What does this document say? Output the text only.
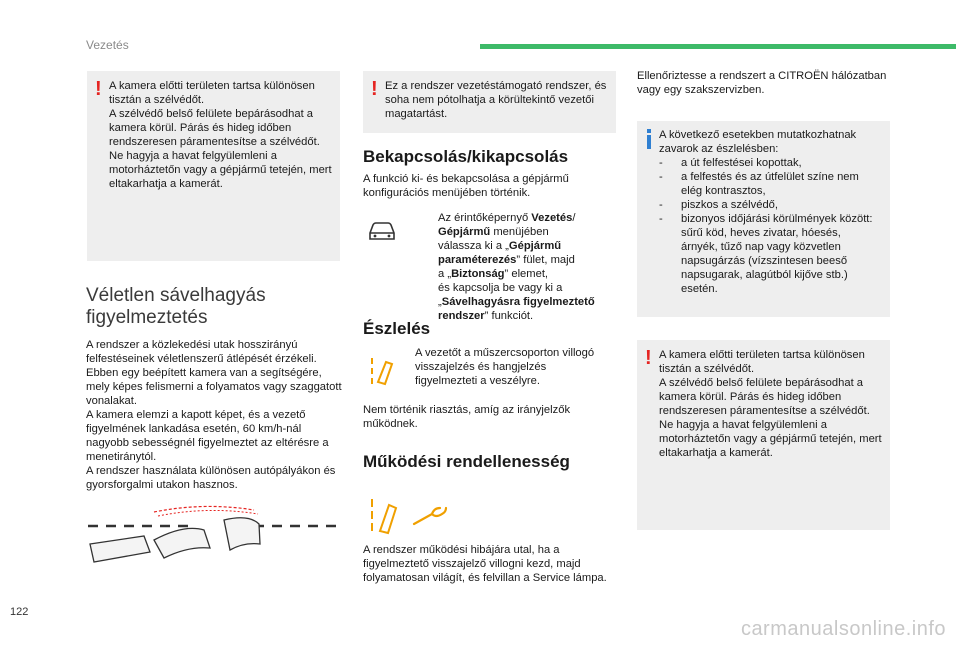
Vezetés
! A kamera előtti területen tartsa különösen tisztán a szélvédőt.
A szélvédő belső felülete bepárásodhat a kamera körül. Párás és hideg időben rendszeresen páramentesítse a szélvédőt.
Ne hagyja a havat felgyülemleni a motorháztetőn vagy a gépjármű tetején, mert eltakarhatja a kamerát.
Véletlen sávelhagyás
figyelmeztetés
A rendszer a közlekedési utak hosszirányú felfestéseinek véletlenszerű átlépését érzékeli. Ebben egy beépített kamera van a segítségére, mely képes felismerni a folyamatos vagy szaggatott vonalakat.
A kamera elemzi a kapott képet, és a vezető figyelmének lankadása esetén, 60 km/h-nál nagyobb sebességnél figyelmeztet az eltérésre a menetiránytól.
A rendszer használata különösen autópályákon és gyorsforgalmi utakon hasznos.
! Ez a rendszer vezetéstámogató rendszer, és soha nem pótolhatja a körültekintő vezetői magatartást.
Bekapcsolás/kikapcsolás
A funkció ki- és bekapcsolása a gépjármű konfigurációs menüjében történik.
Az érintőképernyő Vezetés/
Gépjármű menüjében
válassza ki a „Gépjármű
paraméterezés” fület, majd
a „Biztonság” elemet,
és kapcsolja be vagy ki a
„Sávelhagyásra figyelmeztető
rendszer” funkciót.
Észlelés
A vezetőt a műszercsoporton villogó visszajelzés és hangjelzés figyelmezteti a veszélyre.
Nem történik riasztás, amíg az irányjelzők működnek.
Működési rendellenesség
A rendszer működési hibájára utal, ha a figyelmeztető visszajelző villogni kezd, majd folyamatosan világít, és felvillan a Service lámpa.
Ellenőriztesse a rendszert a CITROËN hálózatban vagy egy szakszervizben.
A következő esetekben mutatkozhatnak zavarok az észlelésben:
-	a út felfestései kopottak,
-	a felfestés és az útfelület színe nem
elég kontrasztos,
-	piszkos a szélvédő,
-	bizonyos időjárási körülmények között:
sűrű köd, heves zivatar, hóesés,
árnyék, tűző nap vagy közvetlen
napsugárzás (vízszintesen beeső
napsugarak, alagútból kijőve stb.)
esetén.
! A kamera előtti területen tartsa különösen tisztán a szélvédőt.
A szélvédő belső felülete bepárásodhat a kamera körül. Párás és hideg időben rendszeresen páramentesítse a szélvédőt.
Ne hagyja a havat felgyülemleni a motorháztetőn vagy a gépjármű tetején, mert eltakarhatja a kamerát.
122
carmanualsonline.info
